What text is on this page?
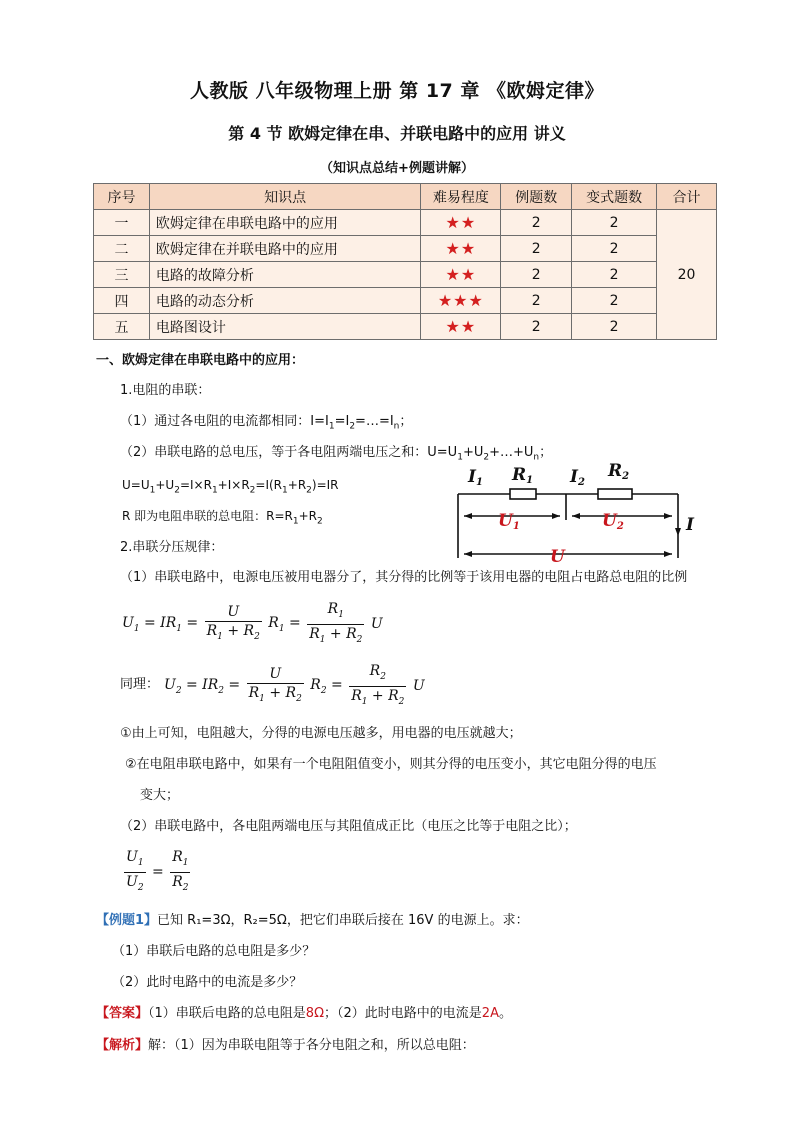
人教版 八年级物理上册 第 17 章 《欧姆定律》
第 4 节 欧姆定律在串、并联电路中的应用 讲义
（知识点总结+例题讲解）
序号	知识点	难易程度	例题数	变式题数	合计
一	欧姆定律在串联电路中的应用	★★	2	2	20
二	欧姆定律在并联电路中的应用	★★	2	2	
三	电路的故障分析	★★	2	2	
四	电路的动态分析	★★★	2	2	
五	电路图设计	★★	2	2	
一、欧姆定律在串联电路中的应用：
1.电阻的串联：
（1）通过各电阻的电流都相同：$I=I_1=I_2=\dots=I_n$；
（2）串联电路的总电压，等于各电阻两端电压之和：$U=U_1+U_2+\dots+U_n$；
$U=U_1+U_2=I\times R_1+I\times R_2=I(R_1+R_2)=IR$
R 即为电阻串联的总电阻：$R=R_1+R_2$
I1 R1 I2
R2
I
U1	U2
U
2.串联分压规律：
（1）串联电路中，电源电压被用电器分了，其分得的比例等于该用电器的电阻占电路总电阻的比例
$U_1 = IR_1 = \frac{U}{R_1 + R_2} R_1 = \frac{R_1}{R_1 + R_2}$ U
同理： $U_2 = IR_2 = \frac{U}{R_1 + R_2} R_2 = \frac{R_2}{R_1 + R_2}$ U
①由上可知，电阻越大，分得的电源电压越多，用电器的电压就越大；
②在电阻串联电路中，如果有一个电阻阻值变小，则其分得的电压变小，其它电阻分得的电压
变大；
（2）串联电路中，各电阻两端电压与其阻值成正比（电压之比等于电阻之比）；
$\frac{U_1}{U_2} = \frac{R_1}{R_2}$
【例题1】已知 R₁=3Ω，R₂=5Ω，把它们串联后接在 16V 的电源上。求：
（1）串联后电路的总电阻是多少？
（2）此时电路中的电流是多少？
【答案】（1）串联后电路的总电阻是8Ω；（2）此时电路中的电流是2A。
【解析】解：（1）因为串联电阻等于各分电阻之和，所以总电阻：
